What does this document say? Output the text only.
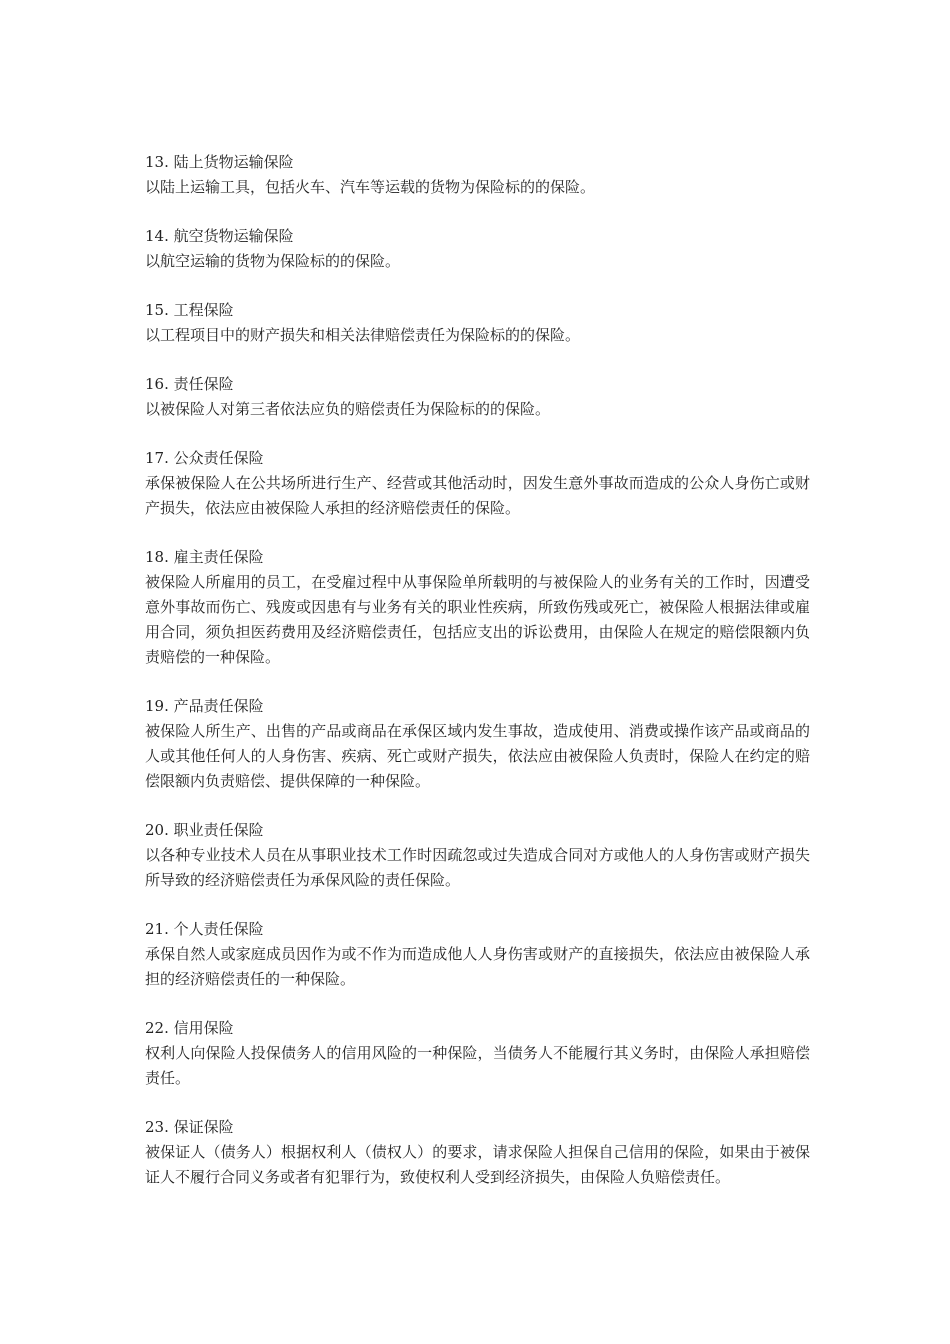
13. 陆上货物运输保险
以陆上运输工具，包括火车、汽车等运载的货物为保险标的的保险。
14. 航空货物运输保险
以航空运输的货物为保险标的的保险。
15. 工程保险
以工程项目中的财产损失和相关法律赔偿责任为保险标的的保险。
16. 责任保险
以被保险人对第三者依法应负的赔偿责任为保险标的的保险。
17. 公众责任保险
承保被保险人在公共场所进行生产、经营或其他活动时，因发生意外事故而造成的公众人身伤亡或财产损失，依法应由被保险人承担的经济赔偿责任的保险。
18. 雇主责任保险
被保险人所雇用的员工，在受雇过程中从事保险单所载明的与被保险人的业务有关的工作时，因遭受意外事故而伤亡、残废或因患有与业务有关的职业性疾病，所致伤残或死亡，被保险人根据法律或雇用合同，须负担医药费用及经济赔偿责任，包括应支出的诉讼费用，由保险人在规定的赔偿限额内负责赔偿的一种保险。
19. 产品责任保险
被保险人所生产、出售的产品或商品在承保区域内发生事故，造成使用、消费或操作该产品或商品的人或其他任何人的人身伤害、疾病、死亡或财产损失，依法应由被保险人负责时，保险人在约定的赔偿限额内负责赔偿、提供保障的一种保险。
20. 职业责任保险
以各种专业技术人员在从事职业技术工作时因疏忽或过失造成合同对方或他人的人身伤害或财产损失所导致的经济赔偿责任为承保风险的责任保险。
21. 个人责任保险
承保自然人或家庭成员因作为或不作为而造成他人人身伤害或财产的直接损失，依法应由被保险人承担的经济赔偿责任的一种保险。
22. 信用保险
权利人向保险人投保债务人的信用风险的一种保险，当债务人不能履行其义务时，由保险人承担赔偿责任。
23. 保证保险
被保证人（债务人）根据权利人（债权人）的要求，请求保险人担保自己信用的保险，如果由于被保证人不履行合同义务或者有犯罪行为，致使权利人受到经济损失，由保险人负赔偿责任。
